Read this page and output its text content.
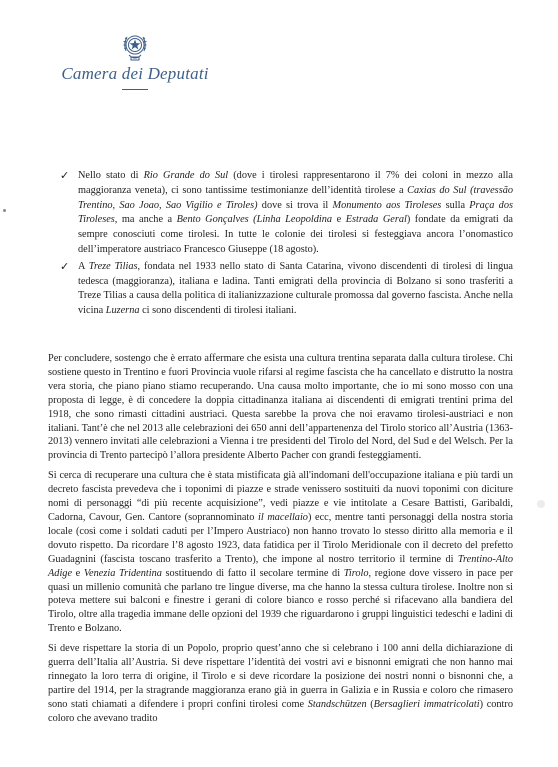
Camera dei Deputati
✓ Nello stato di Rio Grande do Sul (dove i tirolesi rappresentarono il 7% dei coloni in mezzo alla maggioranza veneta), ci sono tantissime testimonianze dell’identità tirolese a Caxias do Sul (travessão Trentino, Sao Joao, Sao Vigilio e Tiroles) dove si trova il Monumento aos Tiroleses sulla Praça dos Tiroleses, ma anche a Bento Gonçalves (Linha Leopoldina e Estrada Geral) fondate da emigrati da sempre conosciuti come tirolesi. In tutte le colonie dei tirolesi si festeggiava ancora l’onomastico dell’imperatore austriaco Francesco Giuseppe (18 agosto).
✓ A Treze Tilias, fondata nel 1933 nello stato di Santa Catarina, vivono discendenti di tirolesi di lingua tedesca (maggioranza), italiana e ladina. Tanti emigrati della provincia di Bolzano si sono trasferiti a Treze Tilias a causa della politica di italianizzazione culturale promossa dal governo fascista. Anche nella vicina Luzerna ci sono discendenti di tirolesi italiani.

Per concludere, sostengo che è errato affermare che esista una cultura trentina separata dalla cultura tirolese. Chi sostiene questo in Trentino e fuori Provincia vuole rifarsi al regime fascista che ha cancellato e distrutto la nostra vera storia, che piano piano stiamo recuperando. Una causa molto importante, che io mi sono mosso con una proposta di legge, è di concedere la doppia cittadinanza italiana ai discendenti di emigrati trentini prima del 1918, che sono rimasti cittadini austriaci. Questa sarebbe la prova che noi eravamo tirolesi-austriaci e non italiani. Tant’è che nel 2013 alle celebrazioni dei 650 anni dell’appartenenza del Tirolo storico all’Austria (1363-2013) vennero invitati alle celebrazioni a Vienna i tre presidenti del Tirolo del Nord, del Sud e del Welsch. Per la provincia di Trento partecipò l’allora presidente Alberto Pacher con grandi festeggiamenti.

Si cerca di recuperare una cultura che è stata mistificata già all'indomani dell'occupazione italiana e più tardi un decreto fascista prevedeva che i toponimi di piazze e strade venissero sostituiti da nuovi toponimi con diciture nomi di personaggi “di più recente acquisizione”, vedi piazze e vie intitolate a Cesare Battisti, Garibaldi, Cadorna, Cavour, Gen. Cantore (soprannominato il macellaio) ecc, mentre tanti personaggi della nostra storia locale (così come i soldati caduti per l’Impero Austriaco) non hanno trovato lo stesso diritto alla memoria e il dovuto rispetto. Da ricordare l’8 agosto 1923, data fatidica per il Tirolo Meridionale con il decreto del prefetto Guadagnini (fascista toscano trasferito a Trento), che impone al nostro territorio il termine di Trentino-Alto Adige e Venezia Tridentina sostituendo di fatto il secolare termine di Tirolo, regione dove vissero in pace per quasi un millenio comunità che parlano tre lingue diverse, ma che hanno la stessa cultura tirolese. Inoltre non si poteva mettere sui balconi e finestre i gerani di colore bianco e rosso perché si rifacevano alla bandiera del Tirolo, oltre alla tragedia immane delle opzioni del 1939 che riguardarono i gruppi linguistici tedeschi e ladini di Trento e Bolzano.

Si deve rispettare la storia di un Popolo, proprio quest’anno che si celebrano i 100 anni della dichiarazione di guerra dell’Italia all’Austria. Si deve rispettare l’identità dei vostri avi e bisnonni emigrati che non hanno mai rinnegato la loro terra di origine, il Tirolo e si deve ricordare la posizione dei nostri nonni o bisnonni che, a partire del 1914, per la stragrande maggioranza erano già in guerra in Galizia e in Russia e coloro che rimasero sono stati chiamati a difendere i propri confini tirolesi come Standschützen (Bersaglieri immatricolati) contro coloro che avevano tradito
